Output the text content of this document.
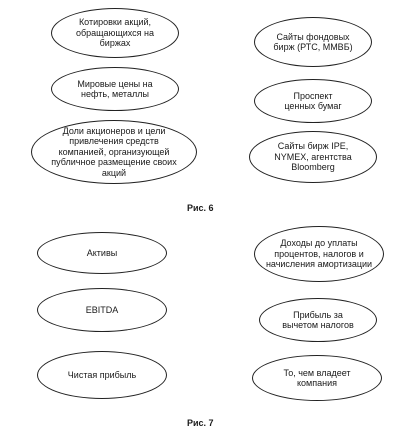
Котировки акций, обращающихся на биржах
Мировые цены на нефть, металлы
Доли акционеров и цели привлечения средств компанией, организующей публичное размещение своих акций
Сайты фондовых бирж (РТС, ММВБ)
Проспект ценных бумаг
Сайты бирж IPE, NYMEX, агентства Bloomberg
Рис. 6
Активы
EBITDA
Чистая прибыль
Доходы до уплаты процентов, налогов и начисления амортизации
Прибыль за вычетом налогов
То, чем владеет компания
Рис. 7
